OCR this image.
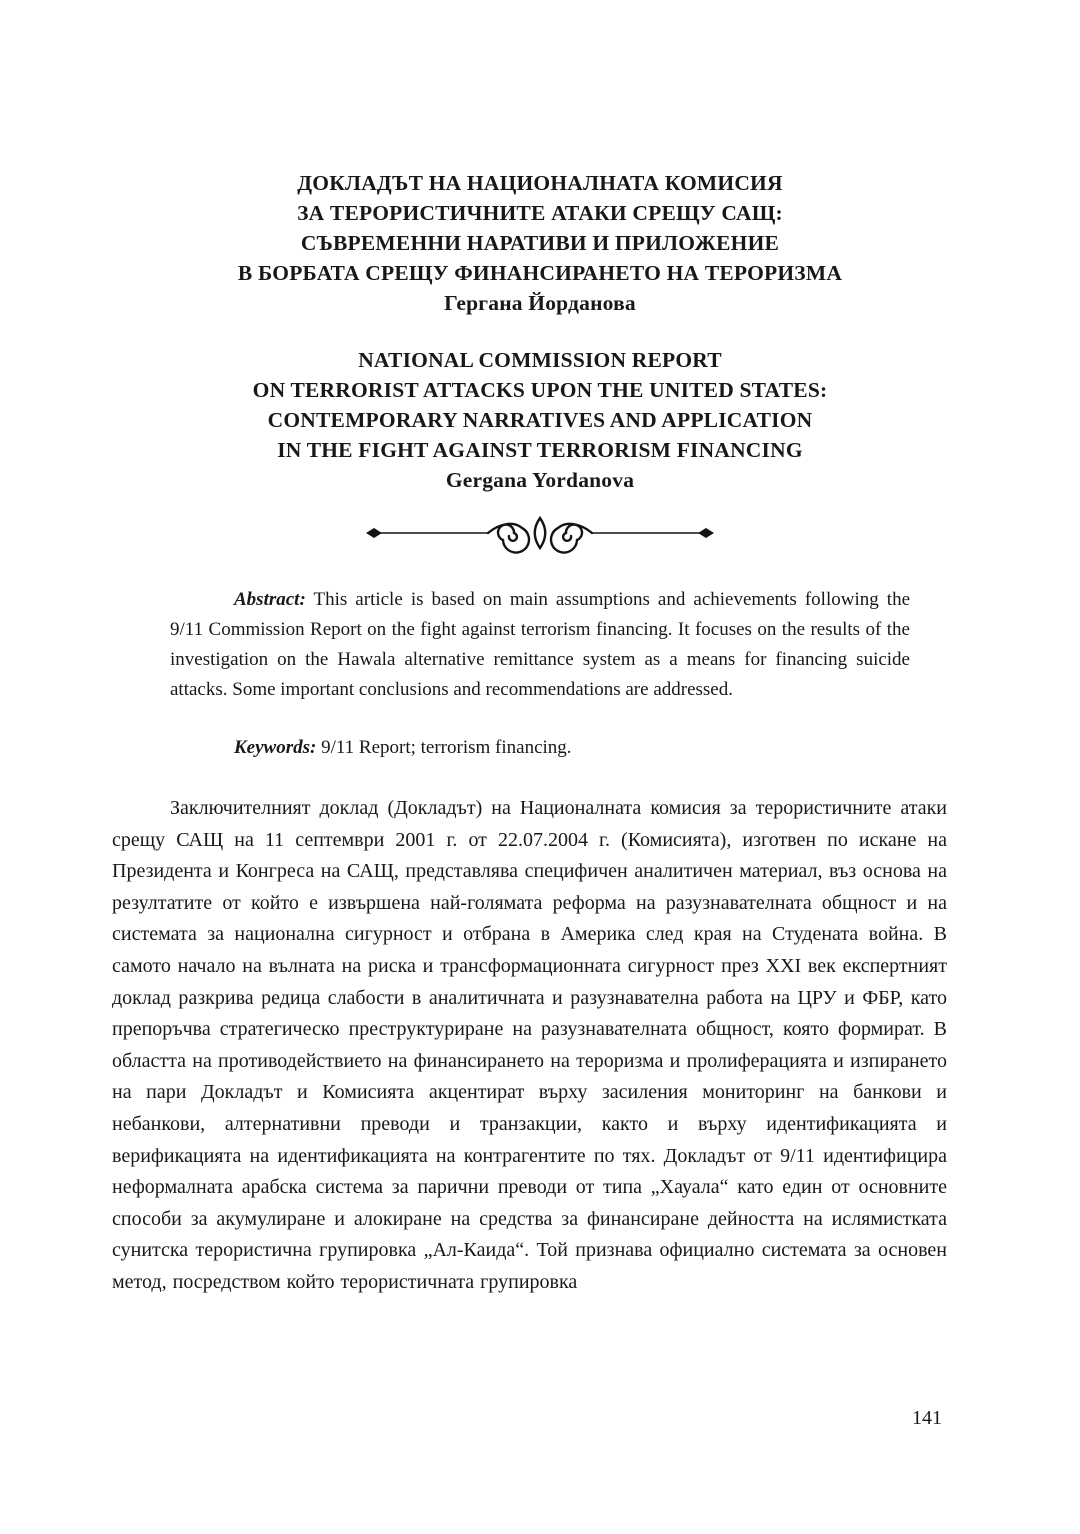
ДОКЛАДЪТ НА НАЦИОНАЛНАТА КОМИСИЯ
ЗА ТЕРОРИСТИЧНИТЕ АТАКИ СРЕЩУ САЩ:
СЪВРЕМЕННИ НАРАТИВИ И ПРИЛОЖЕНИЕ
В БОРБАТА СРЕЩУ ФИНАНСИРАНЕТО НА ТЕРОРИЗМА
Гергана Йорданова
NATIONAL COMMISSION REPORT
ON TERRORIST ATTACKS UPON THE UNITED STATES:
CONTEMPORARY NARRATIVES AND APPLICATION
IN THE FIGHT AGAINST TERRORISM FINANCING
Gergana Yordanova

Abstract: This article is based on main assumptions and achievements following the 9/11 Commission Report on the fight against terrorism financing. It focuses on the results of the investigation on the Hawala alternative remittance system as a means for financing suicide attacks. Some important conclusions and recommendations are addressed.

Keywords: 9/11 Report; terrorism financing.

Заключителният доклад (Докладът) на Националната комисия за терористичните атаки срещу САЩ на 11 септември 2001 г. от 22.07.2004 г. (Комисията), изготвен по искане на Президента и Конгреса на САЩ, представлява специфичен аналитичен материал, въз основа на резултатите от който е извършена най-голямата реформа на разузнавателната общност и на системата за национална сигурност и отбрана в Америка след края на Студената война. В самото начало на вълната на риска и трансформационната сигурност през XXI век експертният доклад разкрива редица слабости в аналитичната и разузнавателна работа на ЦРУ и ФБР, като препоръчва стратегическо преструктуриране на разузнавателната общност, която формират. В областта на противодействието на финансирането на тероризма и пролиферацията и изпирането на пари Докладът и Комисията акцентират върху засиления мониторинг на банкови и небанкови, алтернативни преводи и транзакции, както и върху идентификацията и верификацията на идентификацията на контрагентите по тях. Докладът от 9/11 идентифицира неформалната арабска система за парични преводи от типа „Хауала“ като един от основните способи за акумулиране и алокиране на средства за финансиране дейността на ислямистката сунитска терористична групировка „Ал-Каида“. Той признава официално системата за основен метод, посредством който терористичната групировка

141
